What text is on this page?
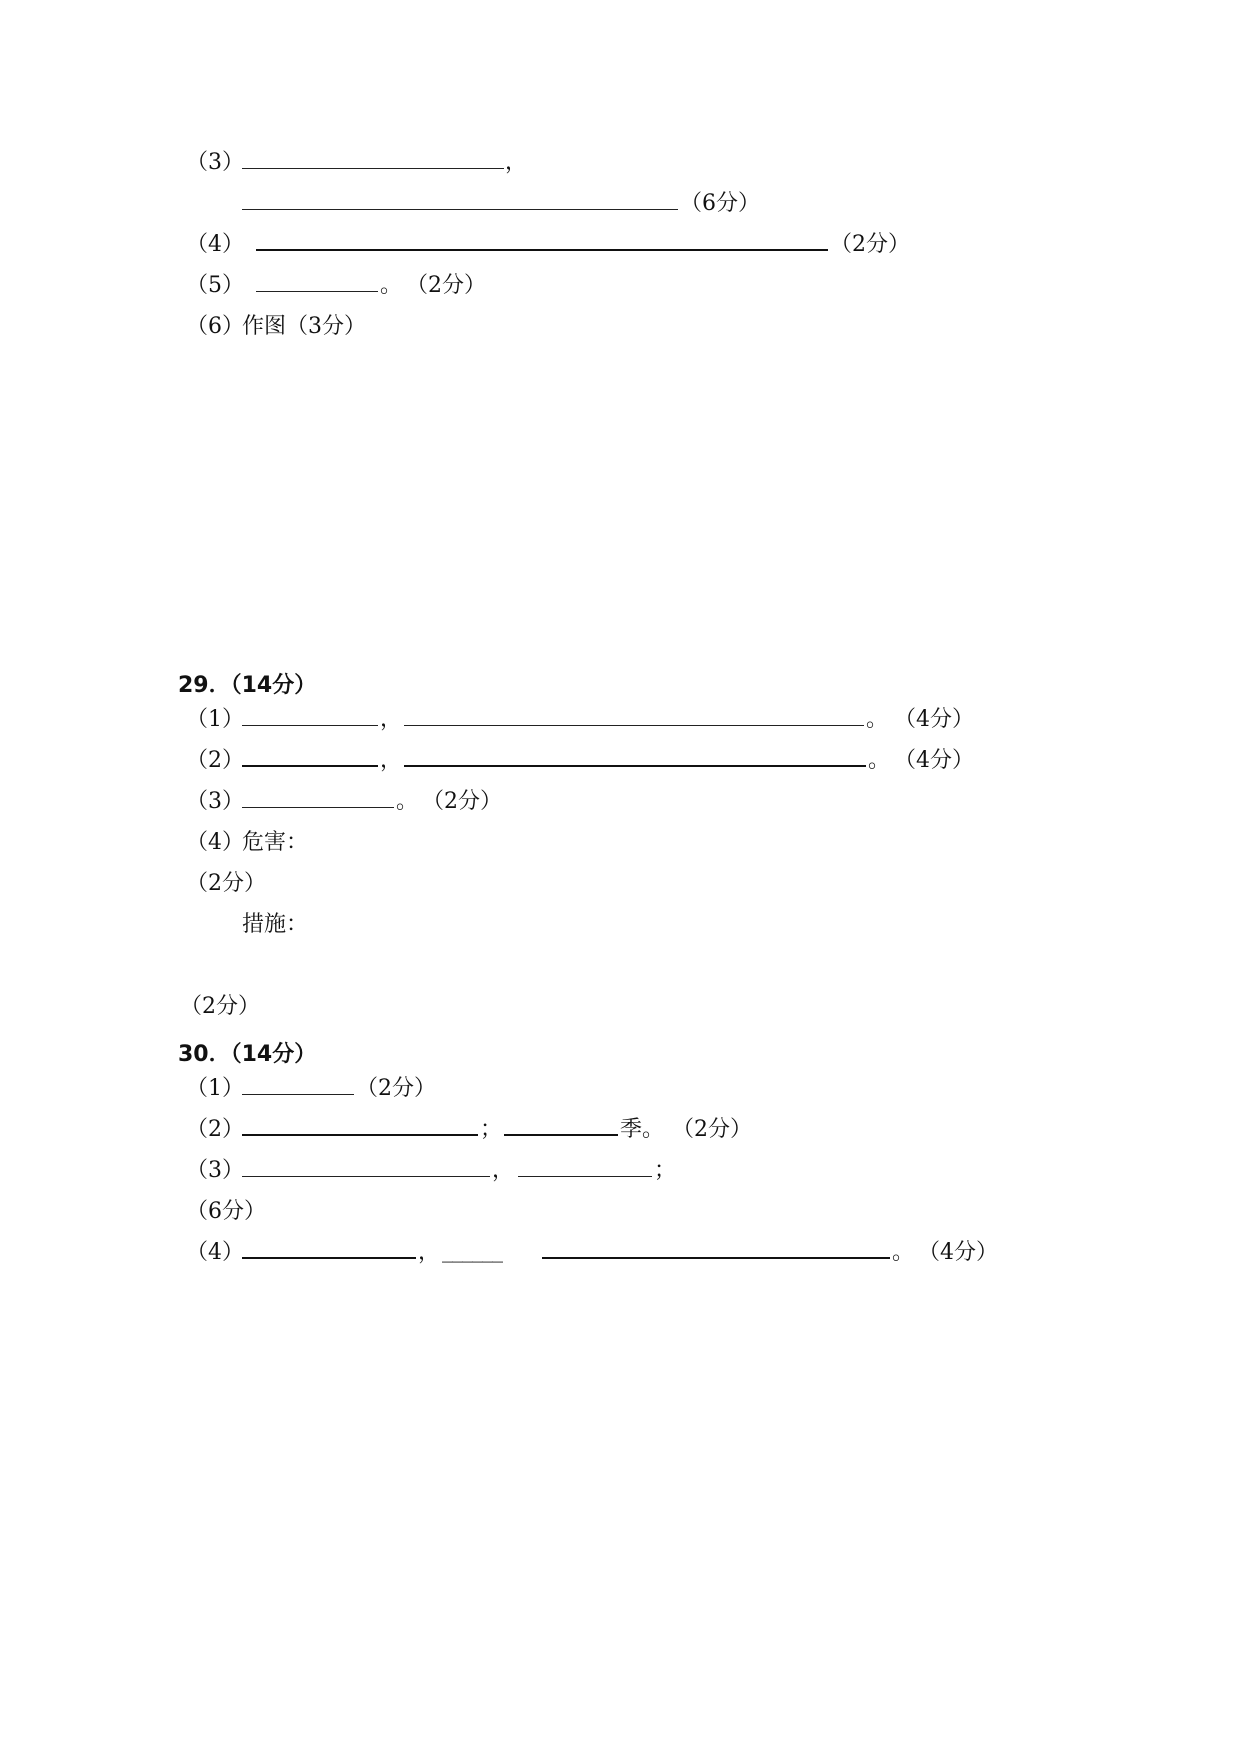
（3）	，
（6分）
（4）	（2分）
（5）	。 （2分）
（6）
作图（3分）
29．（14分）
（1）	，	。 （4分）
（2）	，	。 （4分）
（3）	。 （2分）
（4）
危害：
（2分）
措施：
（2分）
30．（14分）
（1）	（2分）
（2）	；	季。 （2分）
（3）	，	；
（6分）
（4）	， ______	。 （4分）
